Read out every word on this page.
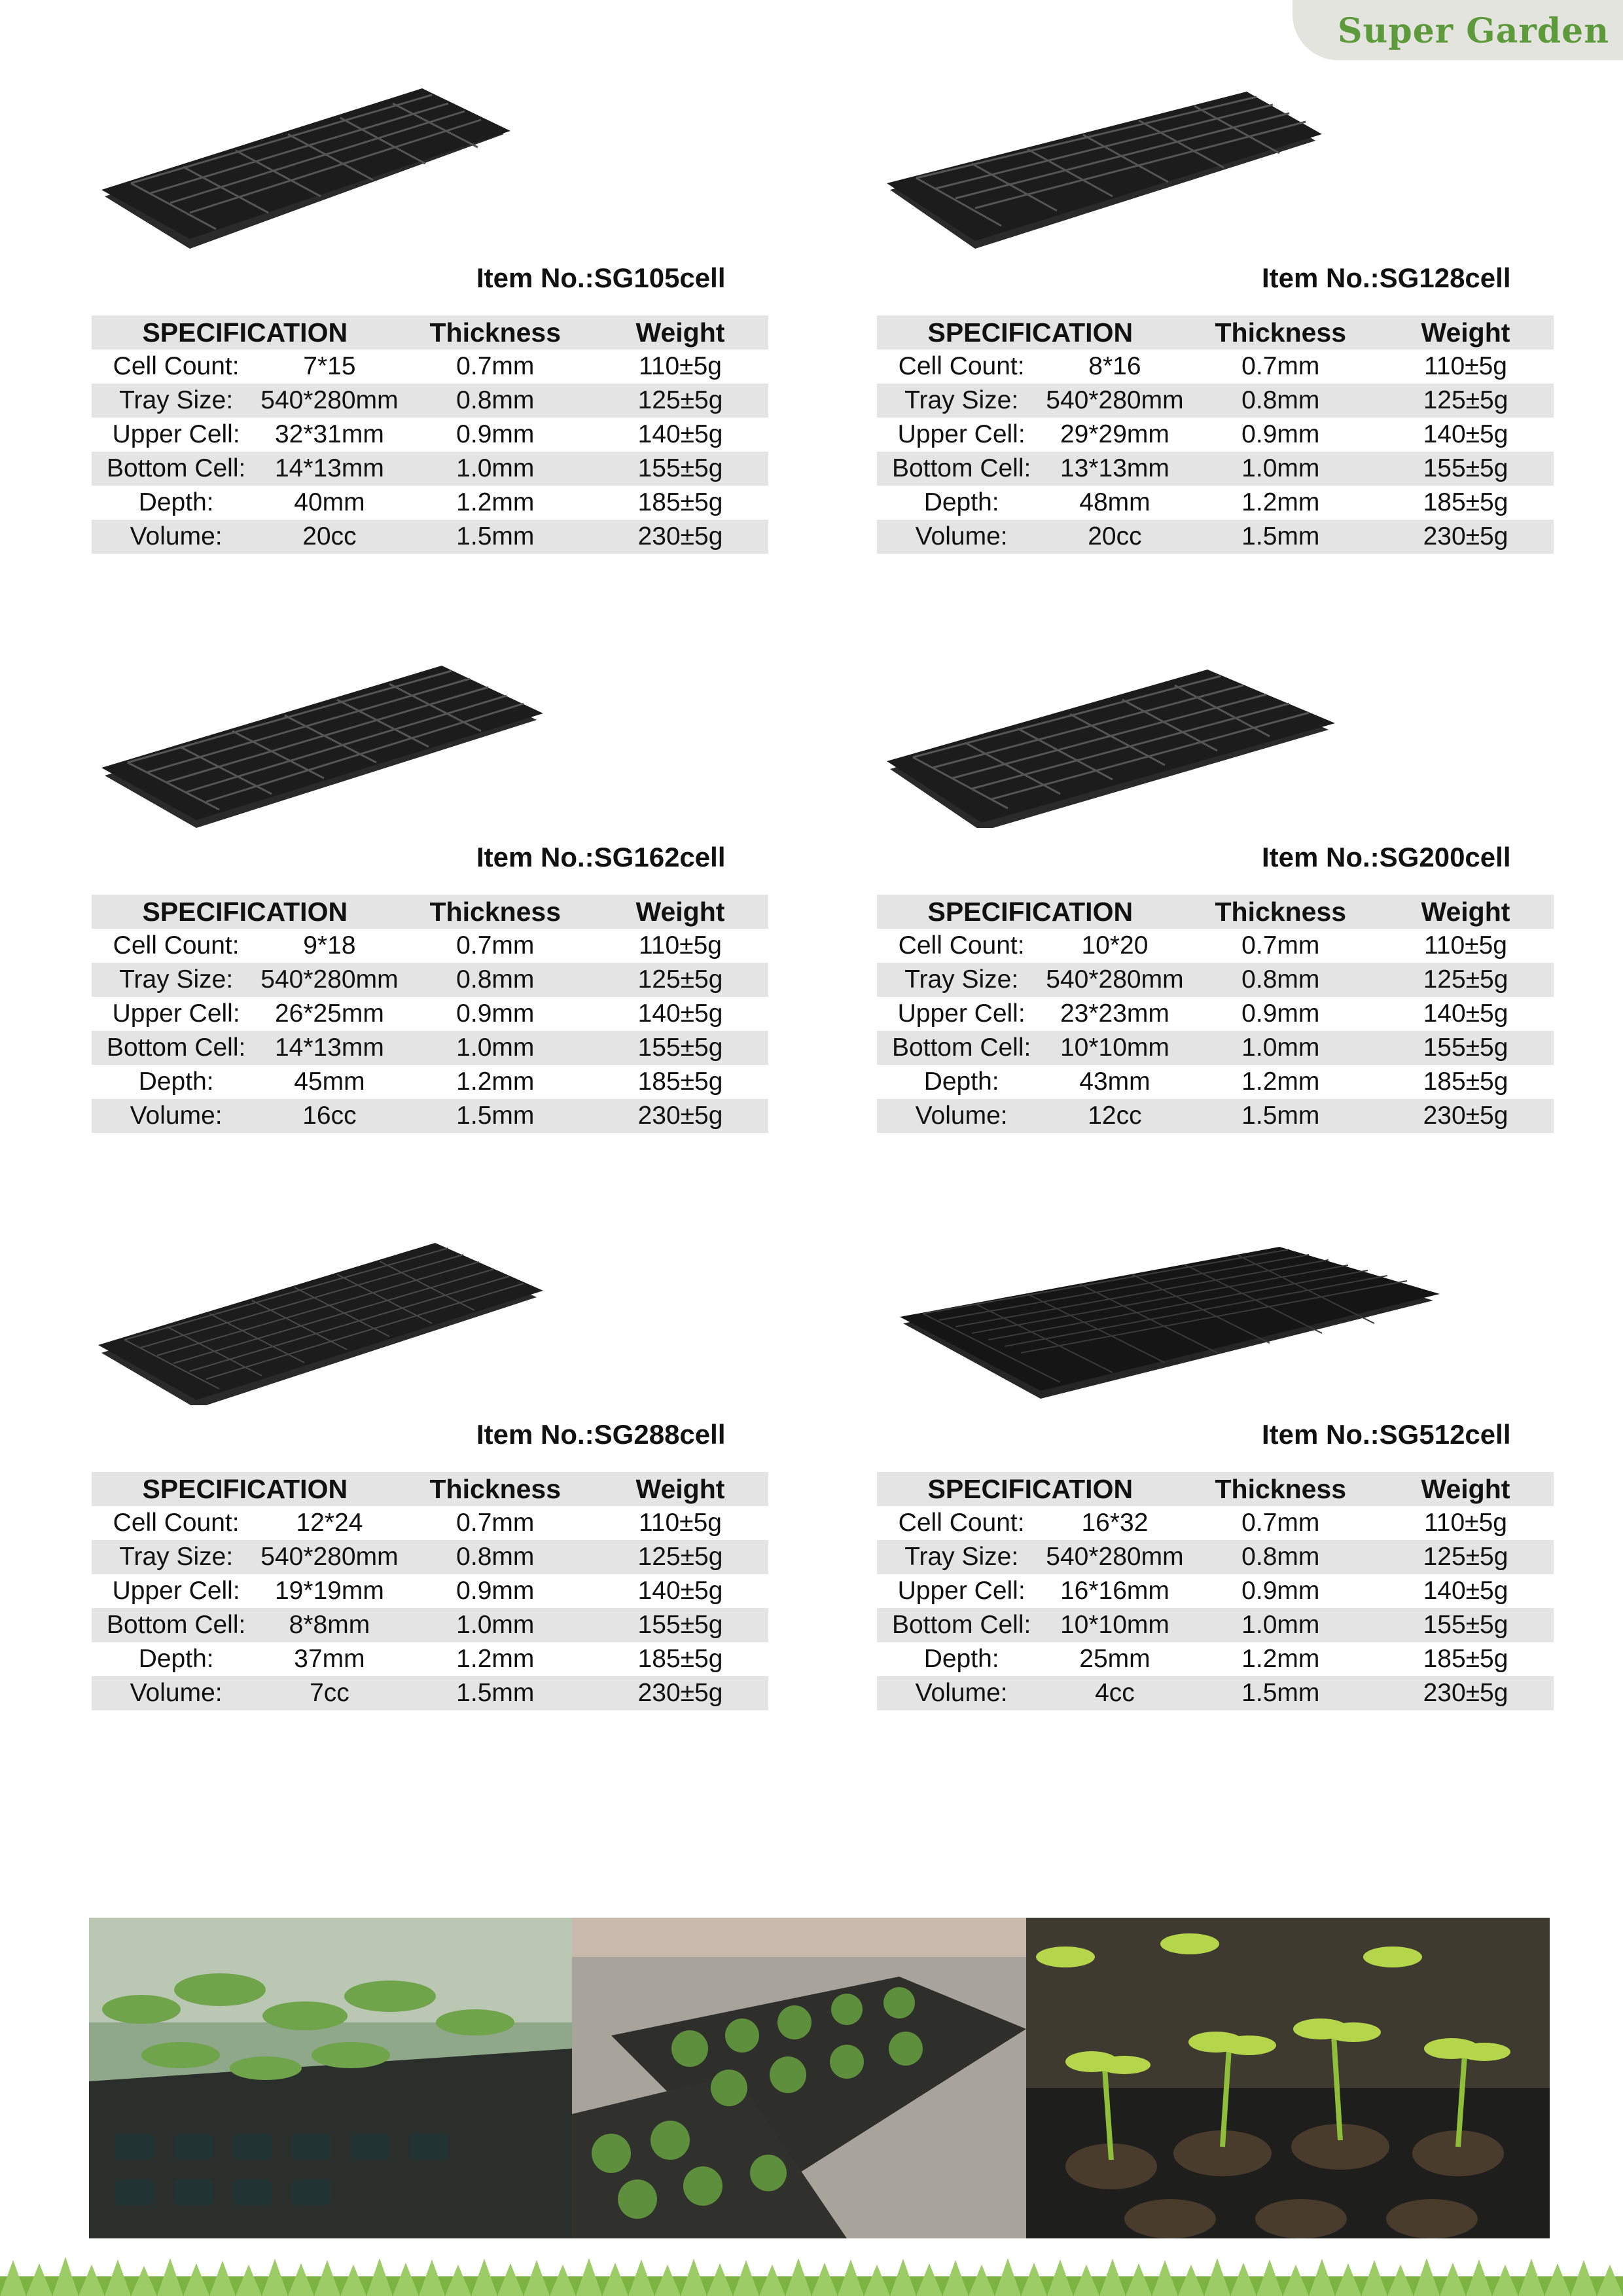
Super Garden
Item No.:SG105cell
SPECIFICATION		Thickness	Weight
Cell Count:	7*15	0.7mm	110±5g
Tray Size:	540*280mm	0.8mm	125±5g
Upper Cell:	32*31mm	0.9mm	140±5g
Bottom Cell:	14*13mm	1.0mm	155±5g
Depth:	40mm	1.2mm	185±5g
Volume:	20cc	1.5mm	230±5g
Item No.:SG128cell
SPECIFICATION		Thickness	Weight
Cell Count:	8*16	0.7mm	110±5g
Tray Size:	540*280mm	0.8mm	125±5g
Upper Cell:	29*29mm	0.9mm	140±5g
Bottom Cell:	13*13mm	1.0mm	155±5g
Depth:	48mm	1.2mm	185±5g
Volume:	20cc	1.5mm	230±5g
Item No.:SG162cell
SPECIFICATION		Thickness	Weight
Cell Count:	9*18	0.7mm	110±5g
Tray Size:	540*280mm	0.8mm	125±5g
Upper Cell:	26*25mm	0.9mm	140±5g
Bottom Cell:	14*13mm	1.0mm	155±5g
Depth:	45mm	1.2mm	185±5g
Volume:	16cc	1.5mm	230±5g
Item No.:SG200cell
SPECIFICATION		Thickness	Weight
Cell Count:	10*20	0.7mm	110±5g
Tray Size:	540*280mm	0.8mm	125±5g
Upper Cell:	23*23mm	0.9mm	140±5g
Bottom Cell:	10*10mm	1.0mm	155±5g
Depth:	43mm	1.2mm	185±5g
Volume:	12cc	1.5mm	230±5g
Item No.:SG288cell
SPECIFICATION		Thickness	Weight
Cell Count:	12*24	0.7mm	110±5g
Tray Size:	540*280mm	0.8mm	125±5g
Upper Cell:	19*19mm	0.9mm	140±5g
Bottom Cell:	8*8mm	1.0mm	155±5g
Depth:	37mm	1.2mm	185±5g
Volume:	7cc	1.5mm	230±5g
Item No.:SG512cell
SPECIFICATION		Thickness	Weight
Cell Count:	16*32	0.7mm	110±5g
Tray Size:	540*280mm	0.8mm	125±5g
Upper Cell:	16*16mm	0.9mm	140±5g
Bottom Cell:	10*10mm	1.0mm	155±5g
Depth:	25mm	1.2mm	185±5g
Volume:	4cc	1.5mm	230±5g
